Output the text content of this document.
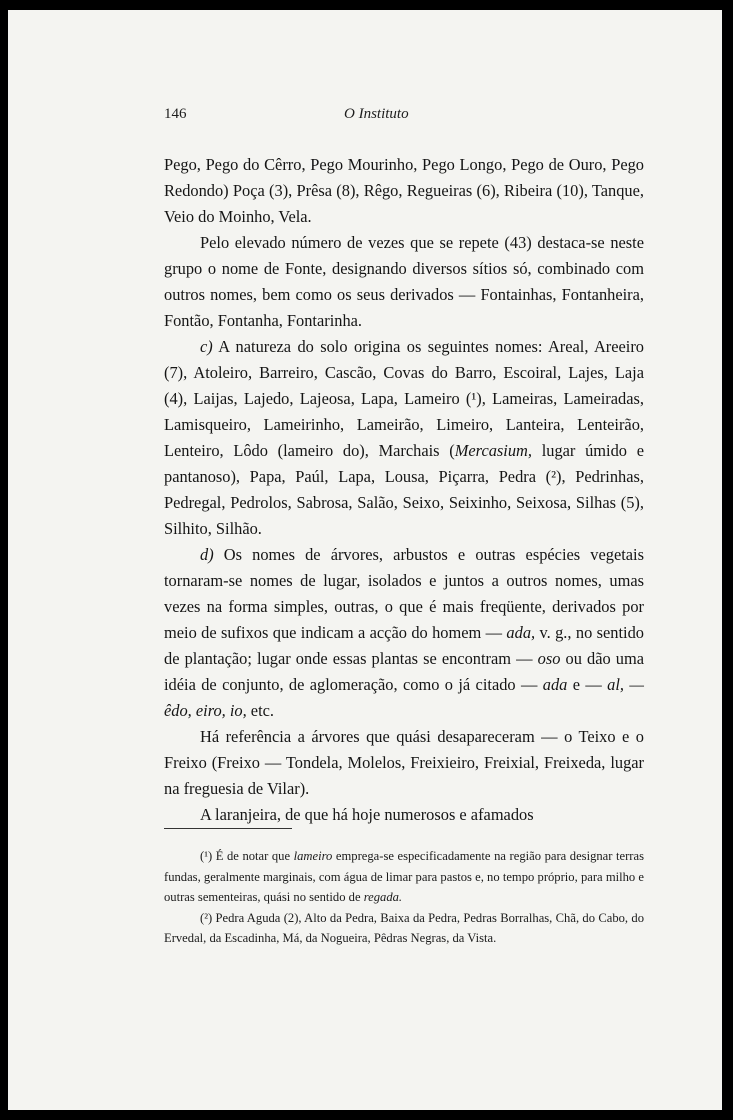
146	O Instituto

Pego, Pego do Cêrro, Pego Mourinho, Pego Longo, Pego de Ouro, Pego Redondo) Poça (3), Prêsa (8), Rêgo, Regueiras (6), Ribeira (10), Tanque, Veio do Moinho, Vela.

Pelo elevado número de vezes que se repete (43) destaca-se neste grupo o nome de Fonte, designando diversos sítios só, combinado com outros nomes, bem como os seus derivados — Fontainhas, Fontanheira, Fontão, Fontanha, Fontarinha.

c) A natureza do solo origina os seguintes nomes: Areal, Areeiro (7), Atoleiro, Barreiro, Cascão, Covas do Barro, Escoiral, Lajes, Laja (4), Laijas, Lajedo, Lajeosa, Lapa, Lameiro (¹), Lameiras, Lameiradas, Lamisqueiro, Lameirinho, Lameirão, Limeiro, Lanteira, Lenteirão, Lenteiro, Lôdo (lameiro do), Marchais (Mercasium, lugar úmido e pantanoso), Papa, Paúl, Lapa, Lousa, Piçarra, Pedra (²), Pedrinhas, Pedregal, Pedrolos, Sabrosa, Salão, Seixo, Seixinho, Seixosa, Silhas (5), Silhito, Silhão.

d) Os nomes de árvores, arbustos e outras espécies vegetais tornaram-se nomes de lugar, isolados e juntos a outros nomes, umas vezes na forma simples, outras, o que é mais freqüente, derivados por meio de sufixos que indicam a acção do homem — ada, v. g., no sentido de plantação; lugar onde essas plantas se encontram — oso ou dão uma idéia de conjunto, de aglomeração, como o já citado — ada e — al, — êdo, eiro, io, etc.

Há referência a árvores que quási desapareceram — o Teixo e o Freixo (Freixo — Tondela, Molelos, Freixieiro, Freixial, Freixeda, lugar na freguesia de Vilar).

A laranjeira, de que há hoje numerosos e afamados

(¹) É de notar que lameiro emprega-se especificadamente na região para designar terras fundas, geralmente marginais, com água de limar para pastos e, no tempo próprio, para milho e outras sementeiras, quási no sentido de regada.

(²) Pedra Aguda (2), Alto da Pedra, Baixa da Pedra, Pedras Borralhas, Chã, do Cabo, do Ervedal, da Escadinha, Má, da Nogueira, Pêdras Negras, da Vista.
